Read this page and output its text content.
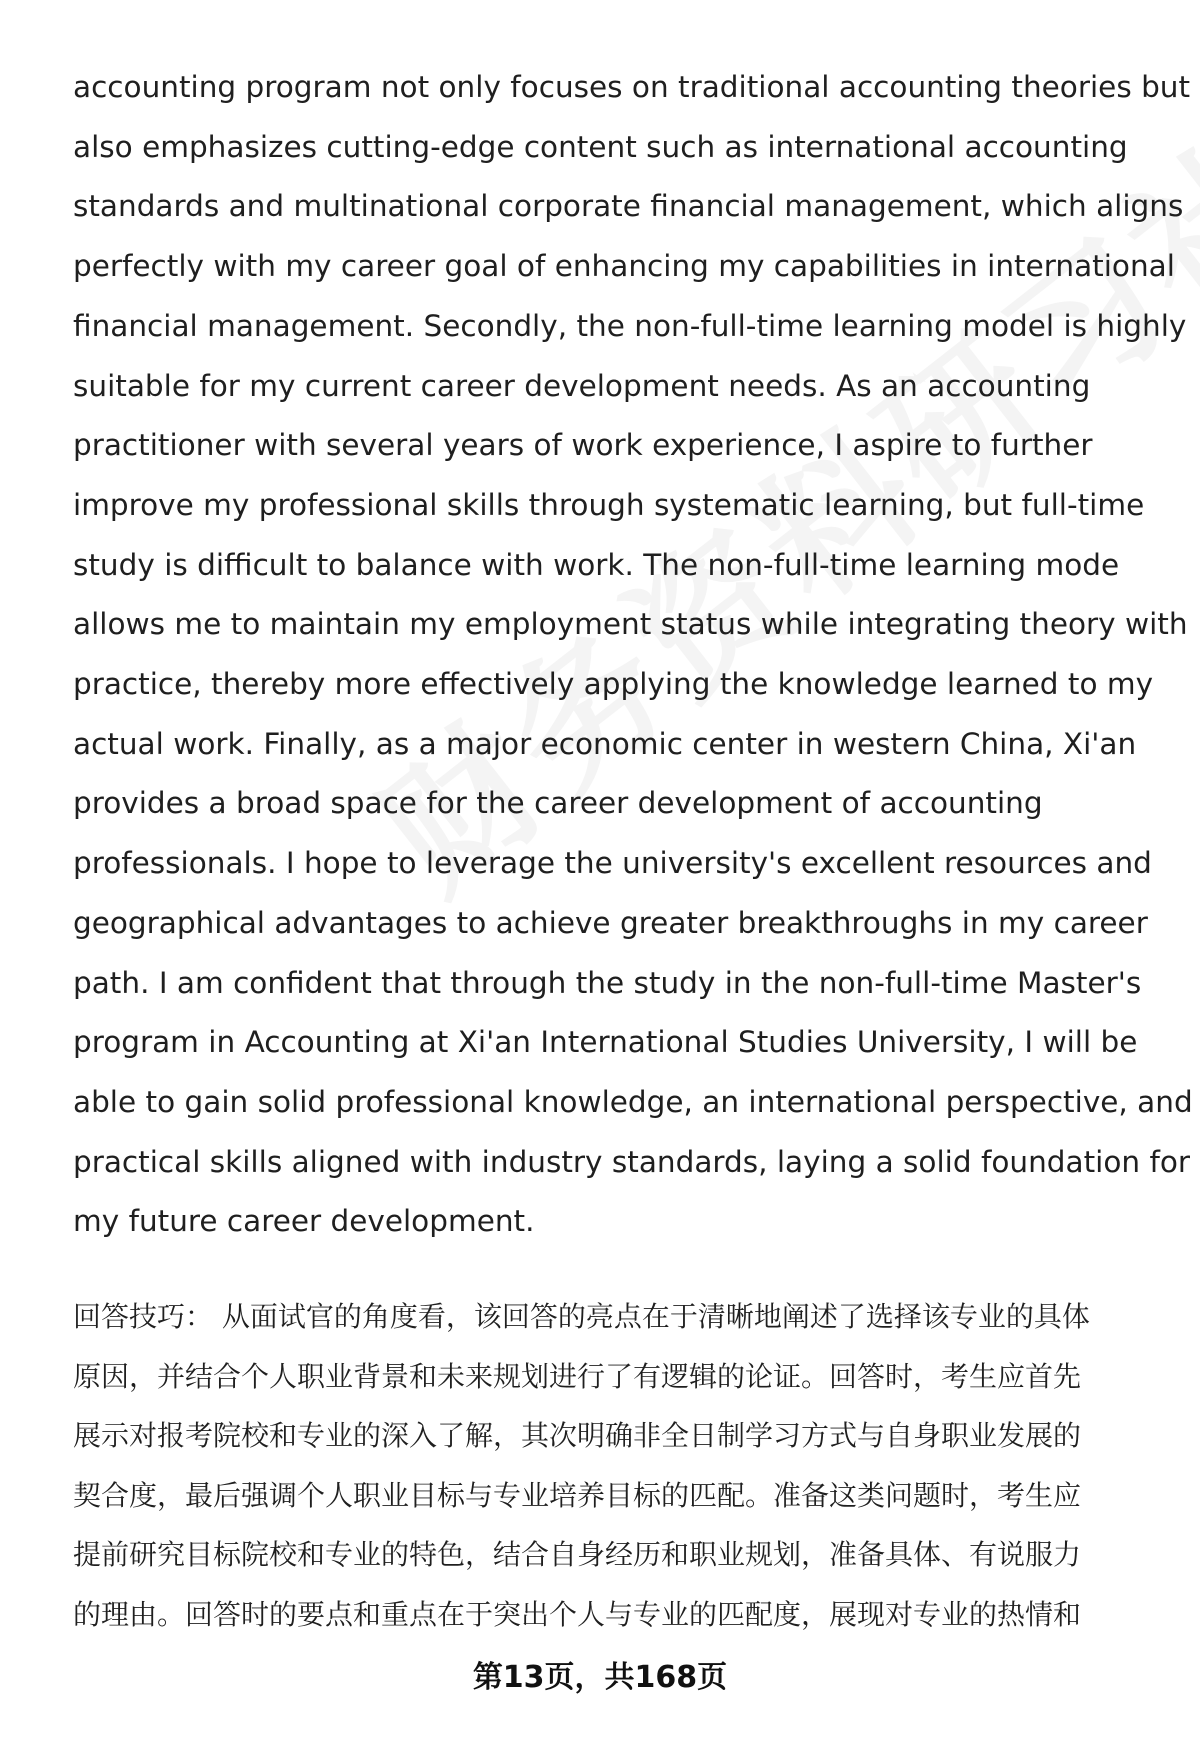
accounting program not only focuses on traditional accounting theories but
also emphasizes cutting-edge content such as international accounting
standards and multinational corporate financial management, which aligns
perfectly with my career goal of enhancing my capabilities in international
financial management. Secondly, the non-full-time learning model is highly
suitable for my current career development needs. As an accounting
practitioner with several years of work experience, I aspire to further
improve my professional skills through systematic learning, but full-time
study is difficult to balance with work. The non-full-time learning mode
allows me to maintain my employment status while integrating theory with
practice, thereby more effectively applying the knowledge learned to my
actual work. Finally, as a major economic center in western China, Xi'an
provides a broad space for the career development of accounting
professionals. I hope to leverage the university's excellent resources and
geographical advantages to achieve greater breakthroughs in my career
path. I am confident that through the study in the non-full-time Master's
program in Accounting at Xi'an International Studies University, I will be
able to gain solid professional knowledge, an international perspective, and
practical skills aligned with industry standards, laying a solid foundation for
my future career development.

回答技巧： 从面试官的角度看，该回答的亮点在于清晰地阐述了选择该专业的具体
原因，并结合个人职业背景和未来规划进行了有逻辑的论证。回答时，考生应首先
展示对报考院校和专业的深入了解，其次明确非全日制学习方式与自身职业发展的
契合度，最后强调个人职业目标与专业培养目标的匹配。准备这类问题时，考生应
提前研究目标院校和专业的特色，结合自身经历和职业规划，准备具体、有说服力
的理由。回答时的要点和重点在于突出个人与专业的匹配度，展现对专业的热情和

第13页，共168页
